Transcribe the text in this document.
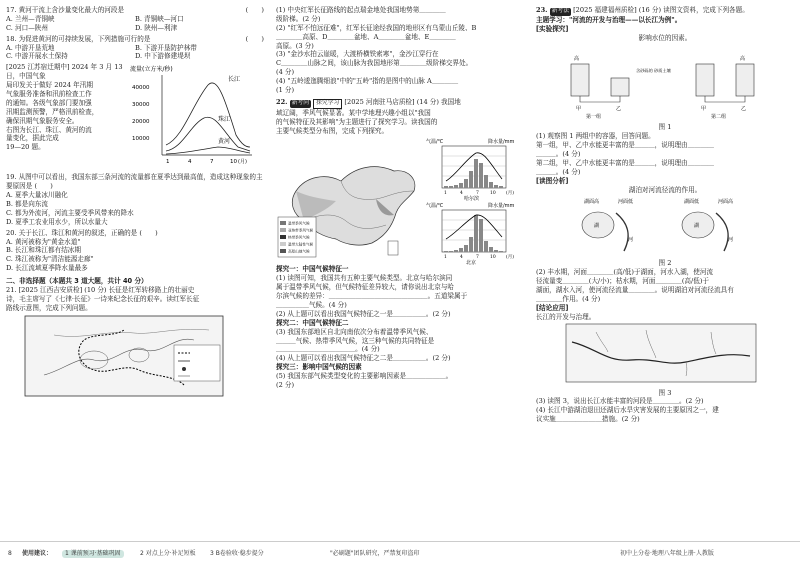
17. 黄河干流上含沙量变化最大的河段是	(　　)
A. 兰州—青铜峡	B. 青铜峡—河口
C. 河口—陕州	D. 陕州—利津
18. 为促进黄河的可持续发展，下列措施可行的是	(　　)
A. 中游开垦荒地	B. 下游开垦防护林带
C. 中游开展水土保持	D. 中下游修建堤坝
[2025 江苏宿迁期中] 2024 年 3 月 13 日，中国气象
局印发关于做好 2024 年汛期
气象服务准备和汛前检查工作
的通知。各级气象部门要加强
汛期监测预警，严格汛前检查，
确保汛期气象服务安全。
右图为长江、珠江、黄河的流
量变化，据此完成
19—20 题。
流量(立方米/秒)
40000
30000
20000
10000
1	4	7	10 (月)
长江
珠江
黄河
19. 从图中可以看出，我国东部三条河流的流量都在夏季达到最高值，造成这种现象的主要原因是 (　　)
A. 夏季大量冰川融化
B. 都是向东流
C. 都为外流河，河流主要受季风带来的降水
D. 夏季工农业用水少，所以水量大
20. 关于长江、珠江和黄河的叙述，正确的是 (　　)
A. 黄河被称为"黄金水道"
B. 长江和珠江都有结冰期
C. 珠江被称为"清洁能源走廊"
D. 长江流域夏季降水量最多
二、非选择题（本题共 3 道大题，共计 40 分）
21. [2025 江西吉安质检] (10 分) 长征是红军转移路上的壮丽史
诗，毛主席写了《七律·长征》一诗来纪念长征的艰辛。读红军长征
路线示意图，完成下列问题。
(1) 中央红军长征路线的起点瑞金地处我国地势第＿＿＿＿
级阶梯。(2 分)
(2) "红军不怕远征难"，红军长征途经我国的地形区有乌蒙山丘陵、B
＿＿＿＿高原、D＿＿＿＿盆地、A＿＿＿＿盆地、E＿＿＿＿
高原。(3 分)
(3) "金沙水拍云崖暖，大渡桥横铁索寒"，金沙江穿行在
C＿＿＿＿山脉之间，该山脉为我国地形第＿＿＿＿级阶梯交界处。
(4 分)
(4) "五岭逶迤腾细浪"中的"五岭"指的是图中的山脉 A＿＿＿＿
(1 分)
22. 新考向 探究学习 [2025 河南驻马店质检] (14 分) 我国地
域辽阔，季风气候显著。某中学地理兴趣小组以"我国
的气候特征及其影响"为主题进行了探究学习。读我国的
主要气候类型分布图，完成下列探究。
温带季风气候
亚热带季风气候
热带季风气候
温带大陆性气候
高原山地气候
气温/℃	降水量/mm
1	4	7 10 (月)
哈尔滨
气温/℃	降水量/mm
1	4	7 10 (月)
北京
探究一：中国气候特征一
(1) 读图可知，我国共有五种主要气候类型。北京与哈尔滨同
属于温带季风气候，但气候特征差异较大，请你说出北京与哈
尔滨气候的差异：＿＿＿＿＿＿＿＿＿＿＿＿＿＿＿。五道梁属于
＿＿＿＿＿气候。(4 分)
(2) 从上题可以看出我国气候特征之一是＿＿＿＿＿。(2 分)
探究二：中国气候特征二
(3) 我国东部地区自北向南依次分布着温带季风气候、
＿＿＿气候、热带季风气候，这三种气候的共同特征是
＿＿＿＿＿＿＿＿＿＿＿＿。(4 分)
(4) 从上题可以看出我国气候特征之二是＿＿＿＿＿。(2 分)
探究三：影响中国气候的因素
(5) 我国东部气候类型变化的主要影响因素是＿＿＿＿＿＿。
(2 分)
23. 新考法 [2025 福建福州质检] (16 分) 读图文资料，完成下列各题。
主题学习："河流的开发与治理——以长江为例"。
[实验探究]
影响水位的因素。
高
甲	乙
第一组
含砂砾的 砂质土壤
高
甲	乙
第二组
图 1
(1) 观察图 1 两组中的容器，回答问题。
第一组，甲、乙中水能更丰富的是＿＿＿，说明理由＿＿＿＿
＿＿＿。(4 分)
第二组，甲、乙中水能更丰富的是＿＿＿，说明理由＿＿＿＿
＿＿＿。(4 分)
[读图分析]
湖泊对河流径流的作用。
湖面高	河面低
湖
河
湖面低	河面高
湖
河
图 2
(2) 丰水期，河面＿＿＿＿(高/低)于湖面，河水入湖，使河流
径流量变＿＿＿＿(大/小)；枯水期，河面＿＿＿＿(高/低)于
湖面，湖水入河，使河流径流量＿＿＿＿。说明湖泊对河流径流具有
＿＿＿＿作用。(4 分)
[结论应用]
长江的开发与治理。
图 3
(3) 读图 3，说出长江水能丰富的河段是＿＿＿＿。(2 分)
(4) 长江中游湖泊退田还湖后水旱灾害发展的主要原因之一，建
议实施＿＿＿＿＿＿＿措施。(2 分)
8 使用建议：	1 课前预习·基础巩固	2 对点上分·补足短板 3 B卷验收·稳步提分	"必刷题"团队研究，严禁复印盗印	初中上分卷·地理八年级上册·人教版
